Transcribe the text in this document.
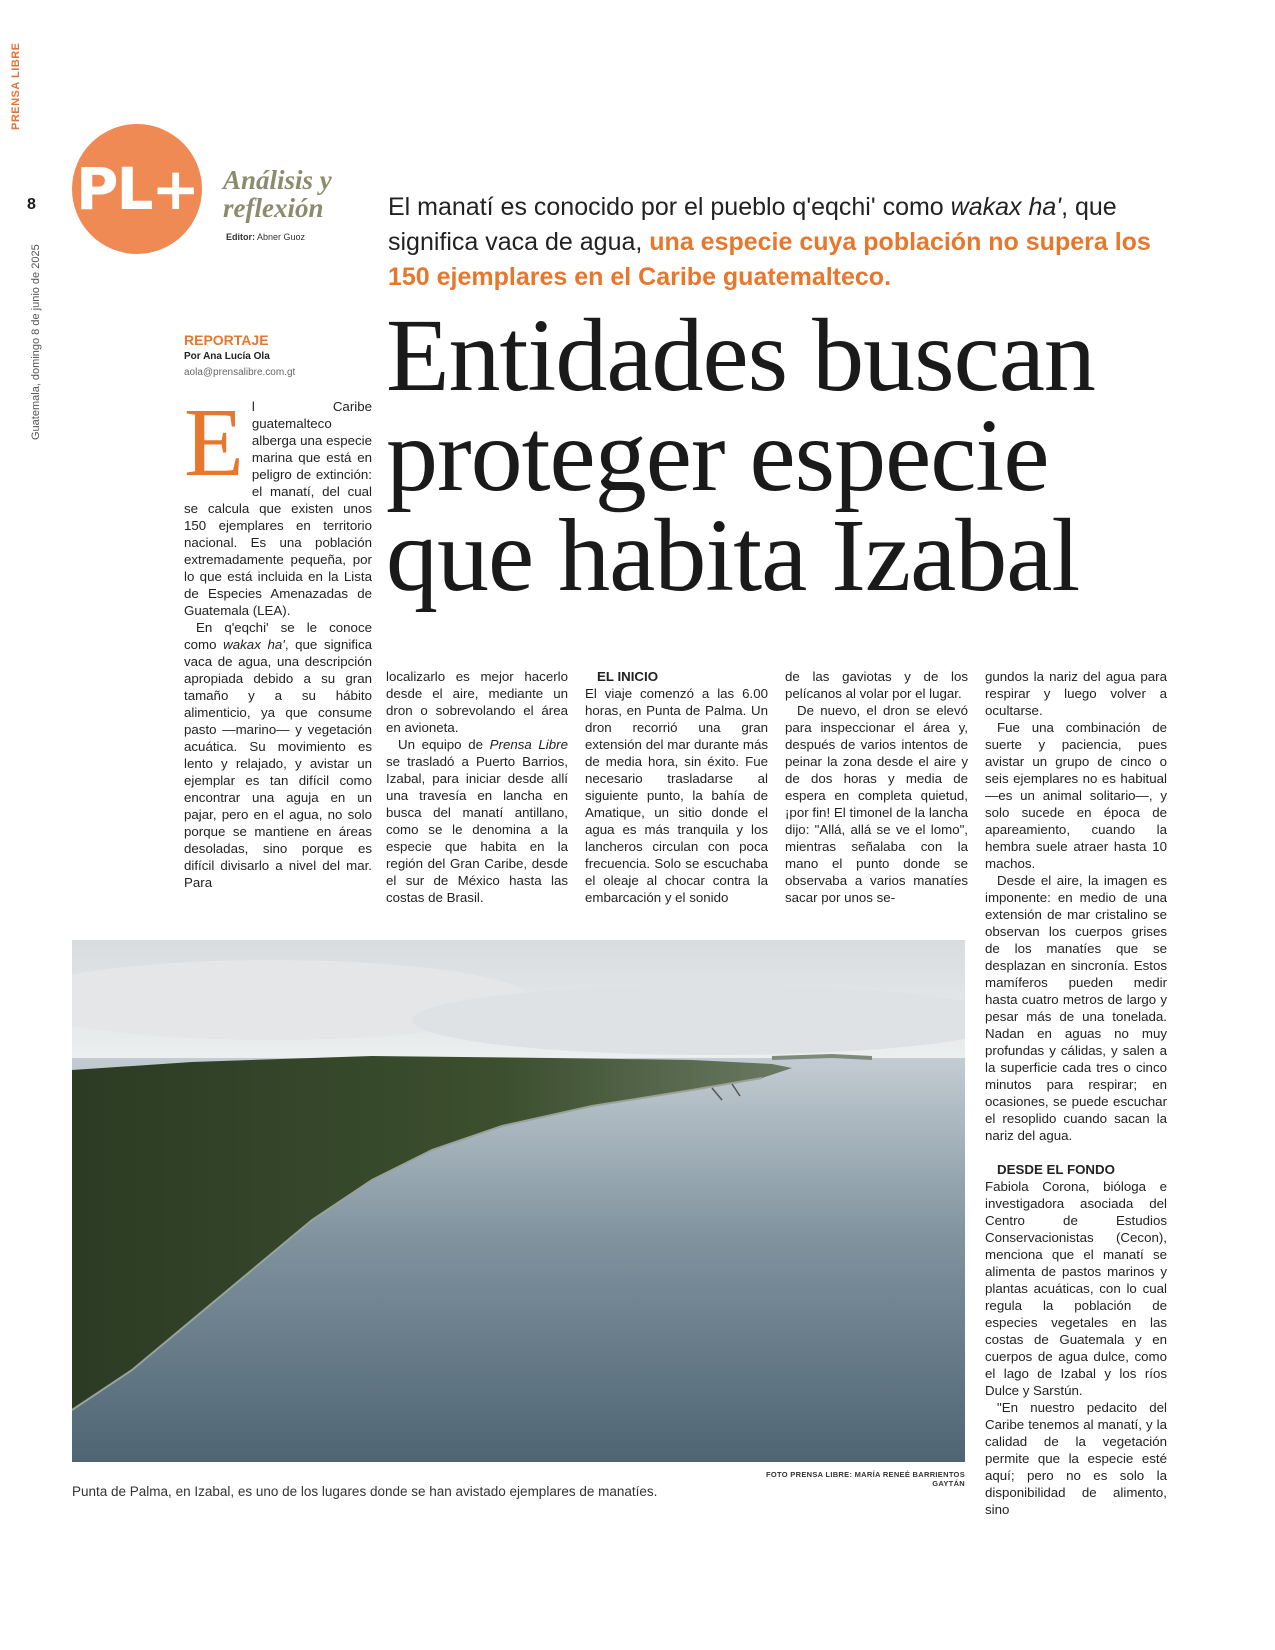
PRENSA LIBRE
8
Guatemala, domingo 8 de junio de 2025
PL+ Análisis y
reflexión
Editor: Abner Guoz
El manatí es conocido por el pueblo q'eqchi' como wakax ha', que significa vaca de agua, una especie cuya población no supera los 150 ejemplares en el Caribe guatemalteco.
REPORTAJE
Por Ana Lucía Ola
aola@prensalibre.com.gt Entidades buscan
proteger especie
que habita Izabal

El Caribe guatemalteco alberga una especie marina que está en peligro de extinción: el manatí, del cual se calcula que existen unos 150 ejemplares en territorio nacional. Es una población extremadamente pequeña, por lo que está incluida en la Lista de Especies Amenazadas de Guatemala (LEA).

En q'eqchi' se le conoce como wakax ha', que significa vaca de agua, una descripción apropiada debido a su gran tamaño y a su hábito alimenticio, ya que consume pasto —marino— y vegetación acuática. Su movimiento es lento y relajado, y avistar un ejemplar es tan difícil como encontrar una aguja en un pajar, pero en el agua, no solo porque se mantiene en áreas desoladas, sino porque es difícil divisarlo a nivel del mar. Para

localizarlo es mejor hacerlo desde el aire, mediante un dron o sobrevolando el área en avioneta.

Un equipo de Prensa Libre se trasladó a Puerto Barrios, Izabal, para iniciar desde allí una travesía en lancha en busca del manatí antillano, como se le denomina a la especie que habita en la región del Gran Caribe, desde el sur de México hasta las costas de Brasil.

EL INICIO

El viaje comenzó a las 6.00 horas, en Punta de Palma. Un dron recorrió una gran extensión del mar durante más de media hora, sin éxito. Fue necesario trasladarse al siguiente punto, la bahía de Amatique, un sitio donde el agua es más tranquila y los lancheros circulan con poca frecuencia. Solo se escuchaba el oleaje al chocar contra la embarcación y el sonido

de las gaviotas y de los pelícanos al volar por el lugar.

De nuevo, el dron se elevó para inspeccionar el área y, después de varios intentos de peinar la zona desde el aire y de dos horas y media de espera en completa quietud, ¡por fin! El timonel de la lancha dijo: "Allá, allá se ve el lomo", mientras señalaba con la mano el punto donde se observaba a varios manatíes sacar por unos se-

gundos la nariz del agua para respirar y luego volver a ocultarse.

Fue una combinación de suerte y paciencia, pues avistar un grupo de cinco o seis ejemplares no es habitual —es un animal solitario—, y solo sucede en época de apareamiento, cuando la hembra suele atraer hasta 10 machos.

Desde el aire, la imagen es imponente: en medio de una extensión de mar cristalino se observan los cuerpos grises de los manatíes que se desplazan en sincronía. Estos mamíferos pueden medir hasta cuatro metros de largo y pesar más de una tonelada. Nadan en aguas no muy profundas y cálidas, y salen a la superficie cada tres o cinco minutos para respirar; en ocasiones, se puede escuchar el resoplido cuando sacan la nariz del agua.

DESDE EL FONDO

Fabiola Corona, bióloga e investigadora asociada del Centro de Estudios Conservacionistas (Cecon), menciona que el manatí se alimenta de pastos marinos y plantas acuáticas, con lo cual regula la población de especies vegetales en las costas de Guatemala y en cuerpos de agua dulce, como el lago de Izabal y los ríos Dulce y Sarstún.

"En nuestro pedacito del Caribe tenemos al manatí, y la calidad de la vegetación permite que la especie esté aquí; pero no es solo la disponibilidad de alimento, sino

FOTO PRENSA LIBRE: MARÍA RENEÉ BARRIENTOS GAYTÁN
Punta de Palma, en Izabal, es uno de los lugares donde se han avistado ejemplares de manatíes.
